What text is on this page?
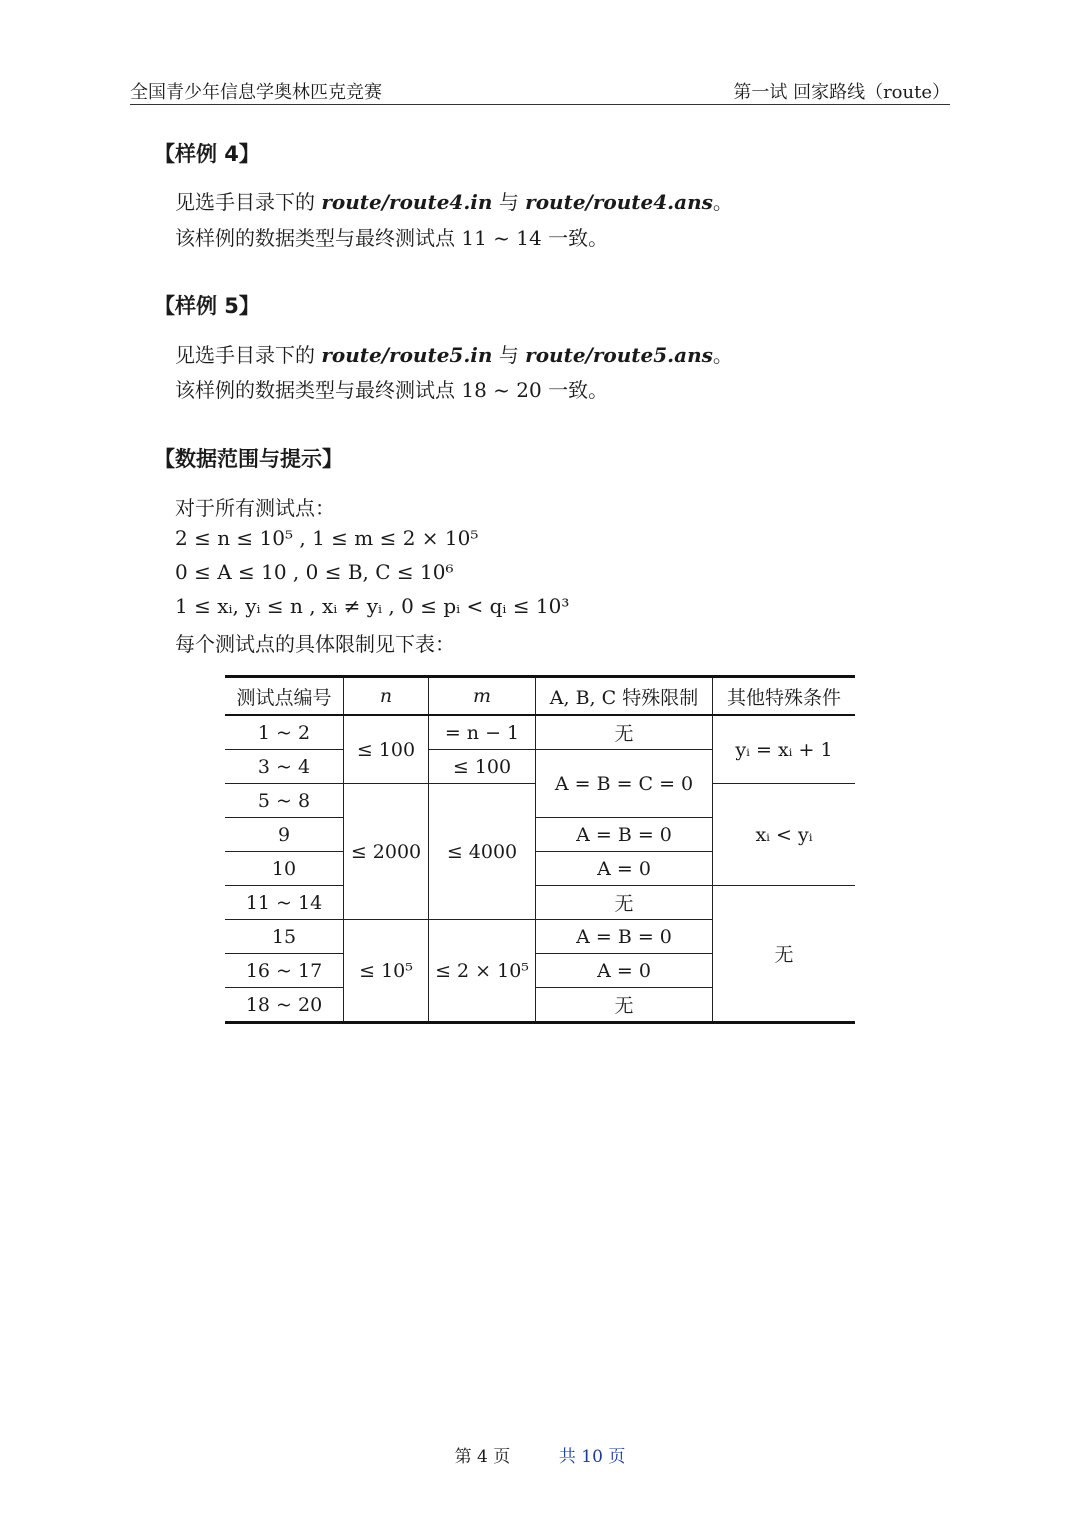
全国青少年信息学奥林匹克竞赛	第一试 回家路线（route）
【样例 4】
见选手目录下的 route/route4.in 与 route/route4.ans。
该样例的数据类型与最终测试点 11 ~ 14 一致。
【样例 5】
见选手目录下的 route/route5.in 与 route/route5.ans。
该样例的数据类型与最终测试点 18 ~ 20 一致。
【数据范围与提示】
对于所有测试点：
2 ≤ n ≤ 10⁵ , 1 ≤ m ≤ 2 × 10⁵
0 ≤ A ≤ 10 , 0 ≤ B, C ≤ 10⁶
1 ≤ xᵢ, yᵢ ≤ n , xᵢ ≠ yᵢ , 0 ≤ pᵢ < qᵢ ≤ 10³
每个测试点的具体限制见下表：
测试点编号	n	m	A, B, C 特殊限制	其他特殊条件
1 ~ 2	≤ 100	= n − 1	无	yᵢ = xᵢ + 1
3 ~ 4		≤ 100	A = B = C = 0	
5 ~ 8	≤ 2000	≤ 4000		xᵢ < yᵢ
9			A = B = 0	
10			A = 0	
11 ~ 14			无	无
15	≤ 10⁵	≤ 2 × 10⁵	A = B = 0	
16 ~ 17			A = 0	
18 ~ 20			无	
第 4 页	共 10 页
